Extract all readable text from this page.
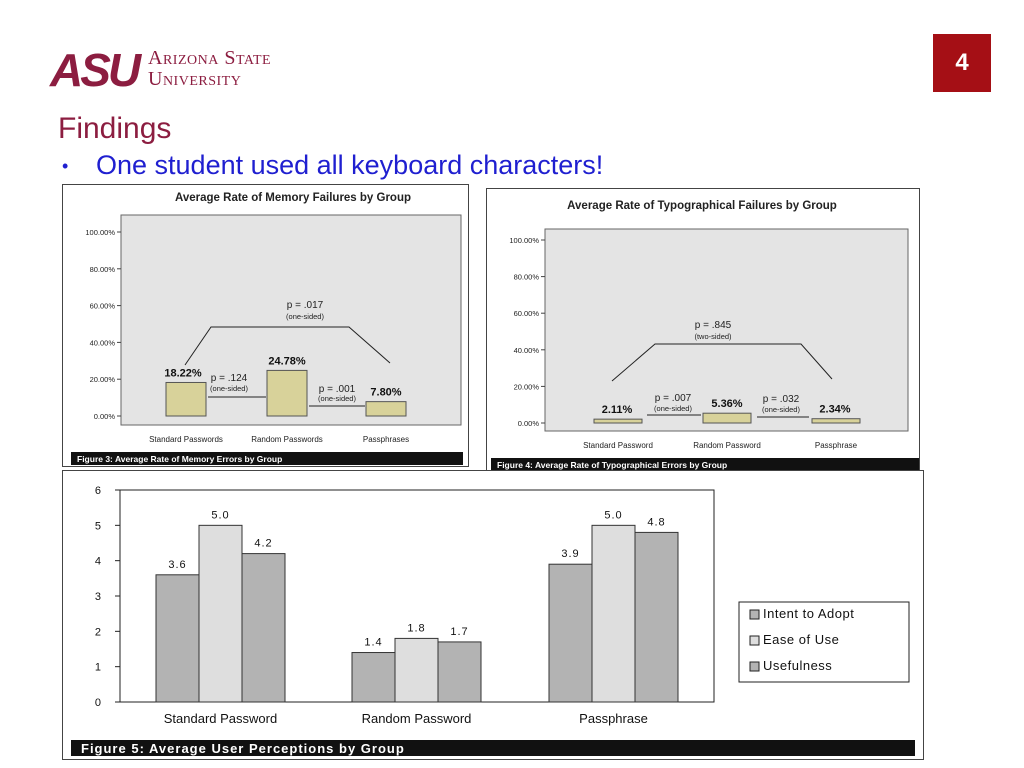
ASU Arizona State
University
4
Findings
• One student used all keyboard characters!
Average Rate of Memory Failures by Group
0.00%
20.00%
40.00%
60.00%
80.00%
100.00%
18.22%
Standard Passwords
24.78%
Random Passwords
7.80%
Passphrases
p = .017
(one-sided)
p = .124
(one-sided)	p = .001
(one-sided)
Figure 3: Average Rate of Memory Errors by Group
Average Rate of Typographical Failures by Group
0.00%
20.00%
40.00%
60.00%
80.00%
100.00%
2.11%
Standard Password
5.36%
Random Password
2.34%
Passphrase
p = .845
(two-sided)
p = .007
(one-sided)
p = .032
(one-sided)
Figure 4: Average Rate of Typographical Errors by Group
0
1
2
3
4
5
6
3.6
5.0
4.2
Standard Password
1.4
1.8 1.7
Random Password
3.9
5.0
4.8
Passphrase
Intent to Adopt
Ease of Use
Usefulness
Figure 5: Average User Perceptions by Group
